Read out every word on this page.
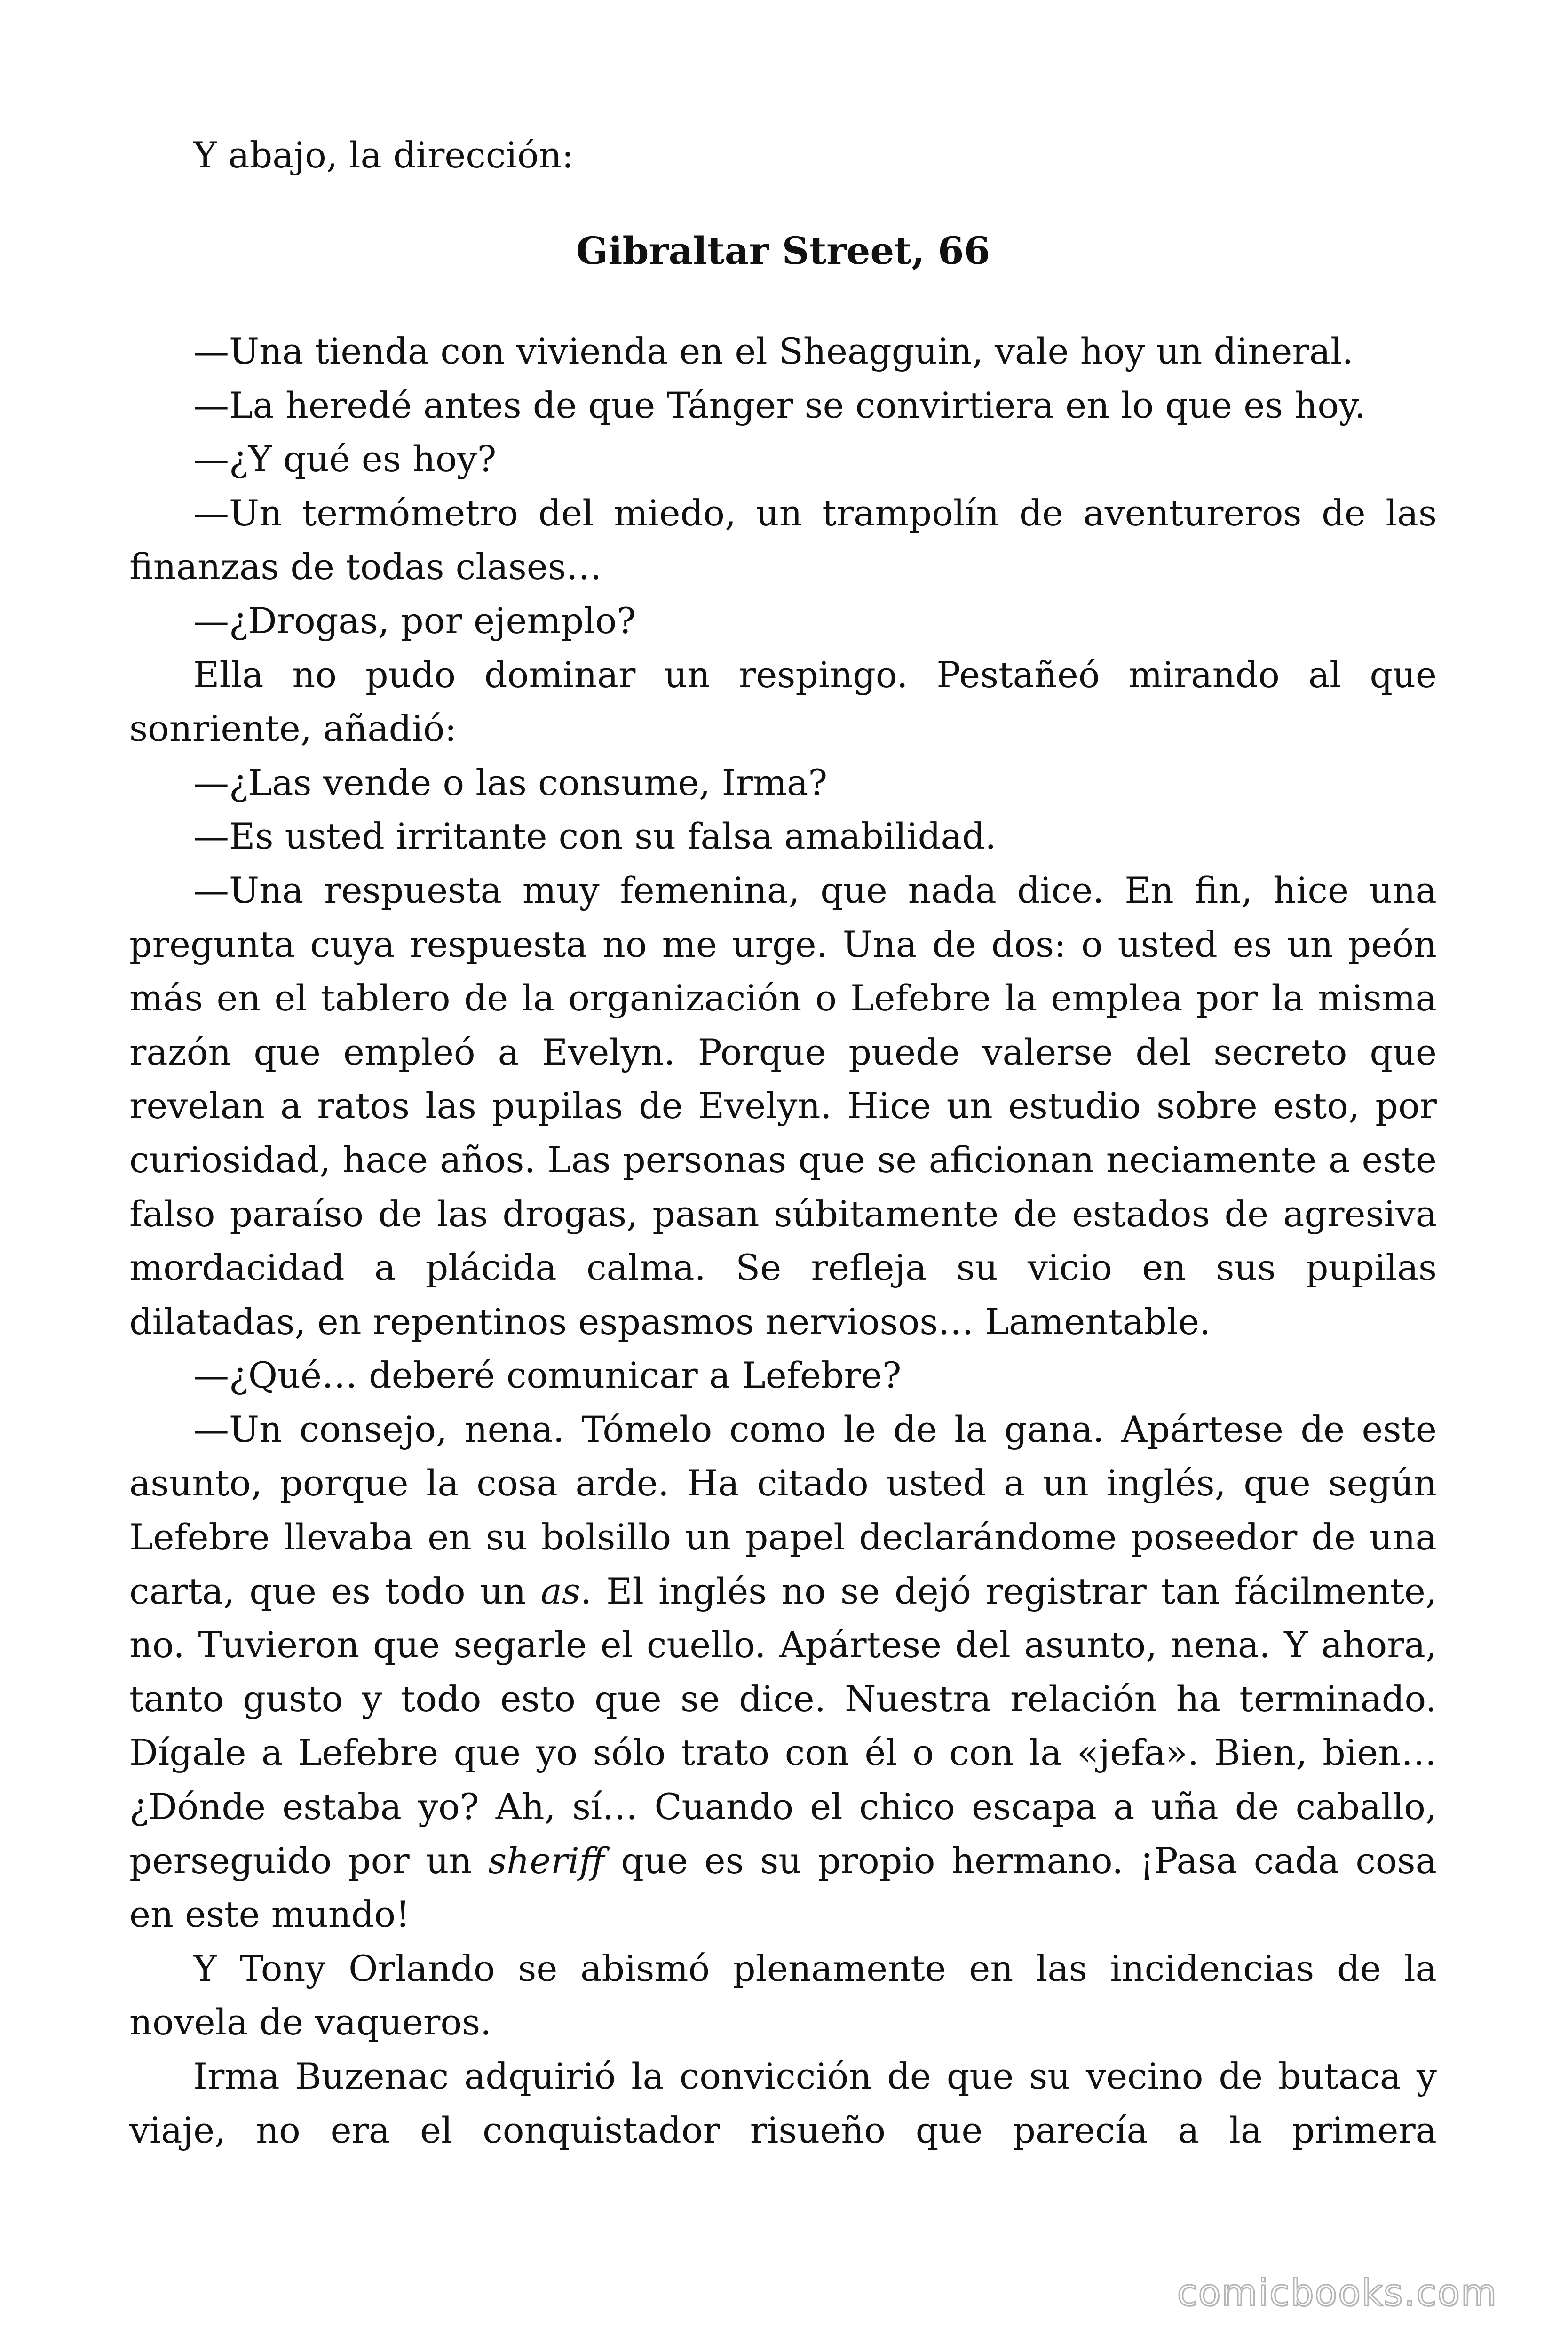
Y abajo, la dirección:

Gibraltar Street, 66

—Una tienda con vivienda en el Sheagguin, vale hoy un dineral.

—La heredé antes de que Tánger se convirtiera en lo que es hoy.

—¿Y qué es hoy?

—Un termómetro del miedo, un trampolín de aventureros de las finanzas de todas clases…

—¿Drogas, por ejemplo?

Ella no pudo dominar un respingo. Pestañeó mirando al que sonriente, añadió:

—¿Las vende o las consume, Irma?

—Es usted irritante con su falsa amabilidad.

—Una respuesta muy femenina, que nada dice. En fin, hice una pregunta cuya respuesta no me urge. Una de dos: o usted es un peón más en el tablero de la organización o Lefebre la emplea por la misma razón que empleó a Evelyn. Porque puede valerse del secreto que revelan a ratos las pupilas de Evelyn. Hice un estudio sobre esto, por curiosidad, hace años. Las personas que se aficionan neciamente a este falso paraíso de las drogas, pasan súbitamente de estados de agresiva mordacidad a plácida calma. Se refleja su vicio en sus pupilas dilatadas, en repentinos espasmos nerviosos… Lamentable.

—¿Qué… deberé comunicar a Lefebre?

—Un consejo, nena. Tómelo como le de la gana. Apártese de este asunto, porque la cosa arde. Ha citado usted a un inglés, que según Lefebre llevaba en su bolsillo un papel declarándome poseedor de una carta, que es todo un as. El inglés no se dejó registrar tan fácilmente, no. Tuvieron que segarle el cuello. Apártese del asunto, nena. Y ahora, tanto gusto y todo esto que se dice. Nuestra relación ha terminado. Dígale a Lefebre que yo sólo trato con él o con la «jefa». Bien, bien… ¿Dónde estaba yo? Ah, sí… Cuando el chico escapa a uña de caballo, perseguido por un sheriff que es su propio hermano. ¡Pasa cada cosa en este mundo!

Y Tony Orlando se abismó plenamente en las incidencias de la novela de vaqueros.

Irma Buzenac adquirió la convicción de que su vecino de butaca y viaje, no era el conquistador risueño que parecía a la primera

comicbooks.com
